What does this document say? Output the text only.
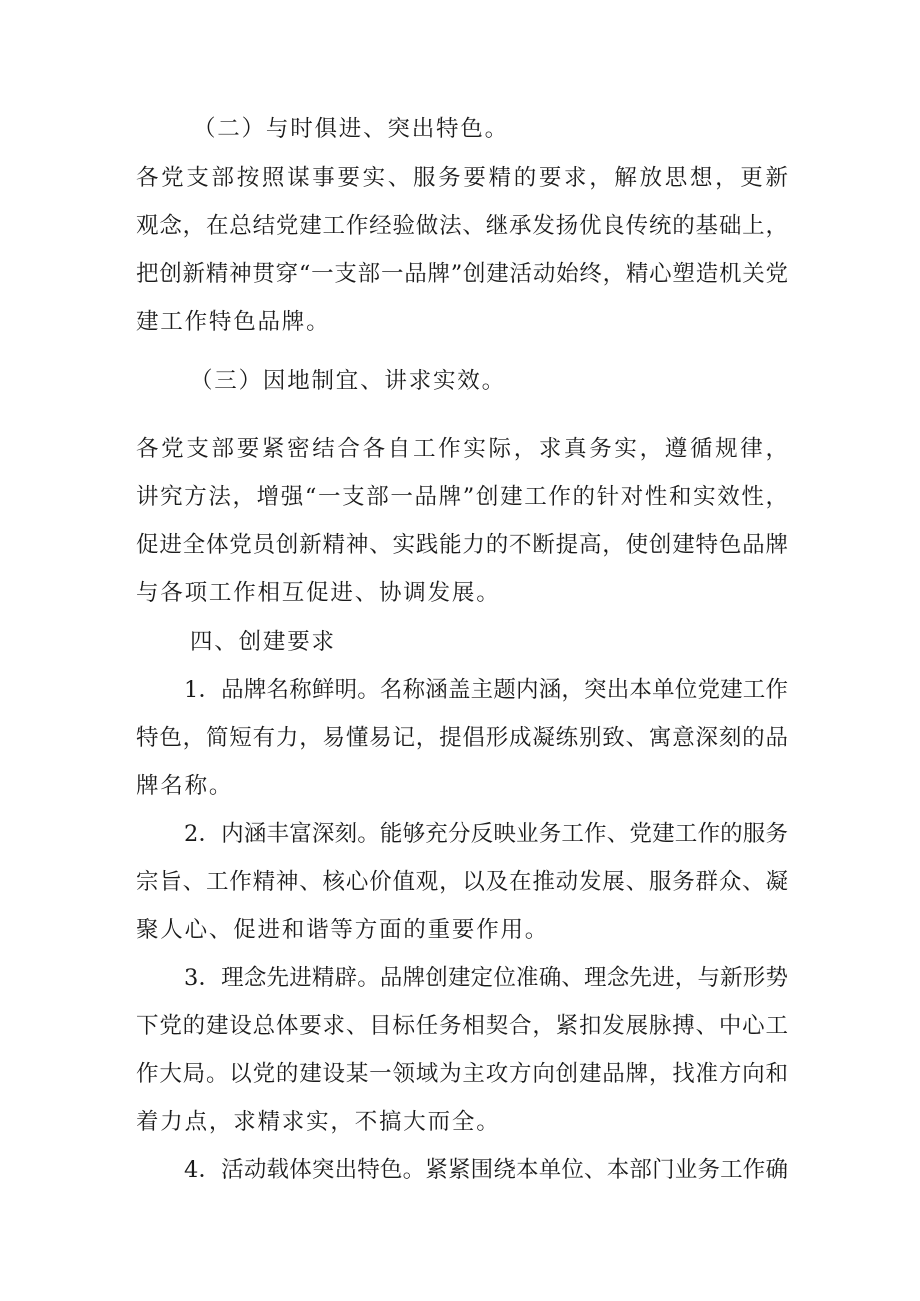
（二）与时俱进、突出特色。
各党支部按照谋事要实、服务要精的要求，解放思想，更新
观念，在总结党建工作经验做法、继承发扬优良传统的基础上，
把创新精神贯穿“一支部一品牌”创建活动始终，精心塑造机关党
建工作特色品牌。
（三）因地制宜、讲求实效。
各党支部要紧密结合各自工作实际，求真务实，遵循规律，
讲究方法，增强“一支部一品牌”创建工作的针对性和实效性，
促进全体党员创新精神、实践能力的不断提高，使创建特色品牌
与各项工作相互促进、协调发展。
四、创建要求
1．品牌名称鲜明。名称涵盖主题内涵，突出本单位党建工作
特色，简短有力，易懂易记，提倡形成凝练别致、寓意深刻的品
牌名称。
2．内涵丰富深刻。能够充分反映业务工作、党建工作的服务
宗旨、工作精神、核心价值观，以及在推动发展、服务群众、凝
聚人心、促进和谐等方面的重要作用。
3．理念先进精辟。品牌创建定位准确、理念先进，与新形势
下党的建设总体要求、目标任务相契合，紧扣发展脉搏、中心工
作大局。以党的建设某一领域为主攻方向创建品牌，找准方向和
着力点，求精求实，不搞大而全。
4．活动载体突出特色。紧紧围绕本单位、本部门业务工作确
